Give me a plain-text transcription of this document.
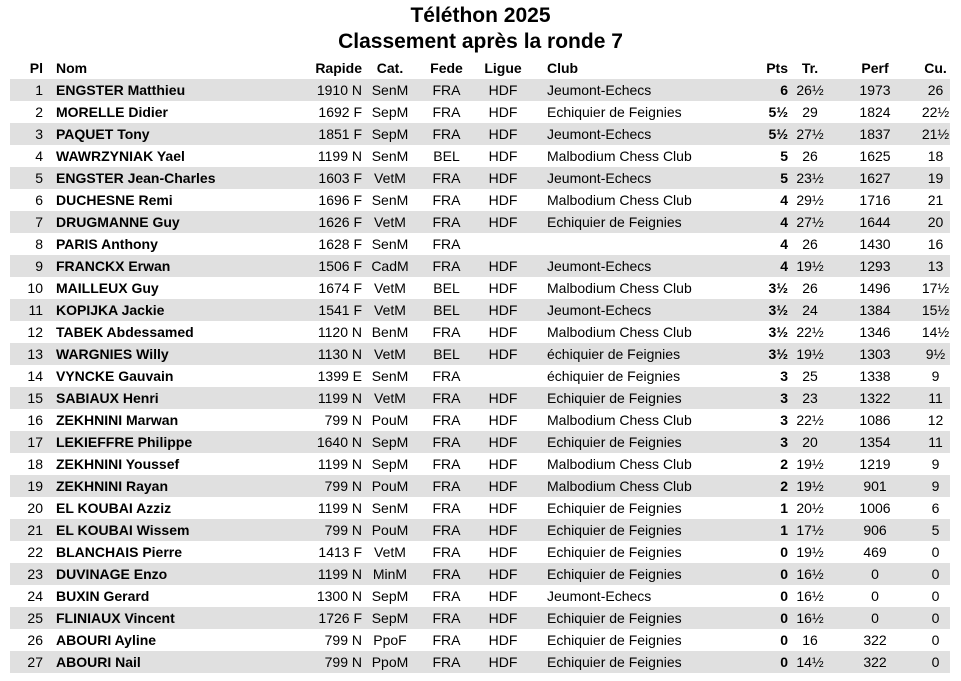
Téléthon 2025
Classement après la ronde 7
Pl	Nom	Rapide	Cat.	Fede	Ligue	Club	Pts	Tr.	Perf	Cu.
1	ENGSTER Matthieu	1910 N	SenM	FRA	HDF	Jeumont-Echecs	6	26½	1973	26
2	MORELLE Didier	1692 F	SepM	FRA	HDF	Echiquier de Feignies	5½	29	1824	22½
3	PAQUET Tony	1851 F	SepM	FRA	HDF	Jeumont-Echecs	5½	27½	1837	21½
4	WAWRZYNIAK Yael	1199 N	SenM	BEL	HDF	Malbodium Chess Club	5	26	1625	18
5	ENGSTER Jean-Charles	1603 F	VetM	FRA	HDF	Jeumont-Echecs	5	23½	1627	19
6	DUCHESNE Remi	1696 F	SenM	FRA	HDF	Malbodium Chess Club	4	29½	1716	21
7	DRUGMANNE Guy	1626 F	VetM	FRA	HDF	Echiquier de Feignies	4	27½	1644	20
8	PARIS Anthony	1628 F	SenM	FRA			4	26	1430	16
9	FRANCKX Erwan	1506 F	CadM	FRA	HDF	Jeumont-Echecs	4	19½	1293	13
10	MAILLEUX Guy	1674 F	VetM	BEL	HDF	Malbodium Chess Club	3½	26	1496	17½
11	KOPIJKA Jackie	1541 F	VetM	BEL	HDF	Jeumont-Echecs	3½	24	1384	15½
12	TABEK Abdessamed	1120 N	BenM	FRA	HDF	Malbodium Chess Club	3½	22½	1346	14½
13	WARGNIES Willy	1130 N	VetM	BEL	HDF	échiquier de Feignies	3½	19½	1303	9½
14	VYNCKE Gauvain	1399 E	SenM	FRA		échiquier de Feignies	3	25	1338	9
15	SABIAUX Henri	1199 N	VetM	FRA	HDF	Echiquier de Feignies	3	23	1322	11
16	ZEKHNINI Marwan	799 N	PouM	FRA	HDF	Malbodium Chess Club	3	22½	1086	12
17	LEKIEFFRE Philippe	1640 N	SepM	FRA	HDF	Echiquier de Feignies	3	20	1354	11
18	ZEKHNINI Youssef	1199 N	SepM	FRA	HDF	Malbodium Chess Club	2	19½	1219	9
19	ZEKHNINI Rayan	799 N	PouM	FRA	HDF	Malbodium Chess Club	2	19½	901	9
20	EL KOUBAI Azziz	1199 N	SenM	FRA	HDF	Echiquier de Feignies	1	20½	1006	6
21	EL KOUBAI Wissem	799 N	PouM	FRA	HDF	Echiquier de Feignies	1	17½	906	5
22	BLANCHAIS Pierre	1413 F	VetM	FRA	HDF	Echiquier de Feignies	0	19½	469	0
23	DUVINAGE Enzo	1199 N	MinM	FRA	HDF	Echiquier de Feignies	0	16½	0	0
24	BUXIN Gerard	1300 N	SepM	FRA	HDF	Jeumont-Echecs	0	16½	0	0
25	FLINIAUX Vincent	1726 F	SepM	FRA	HDF	Echiquier de Feignies	0	16½	0	0
26	ABOURI Ayline	799 N	PpoF	FRA	HDF	Echiquier de Feignies	0	16	322	0
27	ABOURI Nail	799 N	PpoM	FRA	HDF	Echiquier de Feignies	0	14½	322	0
